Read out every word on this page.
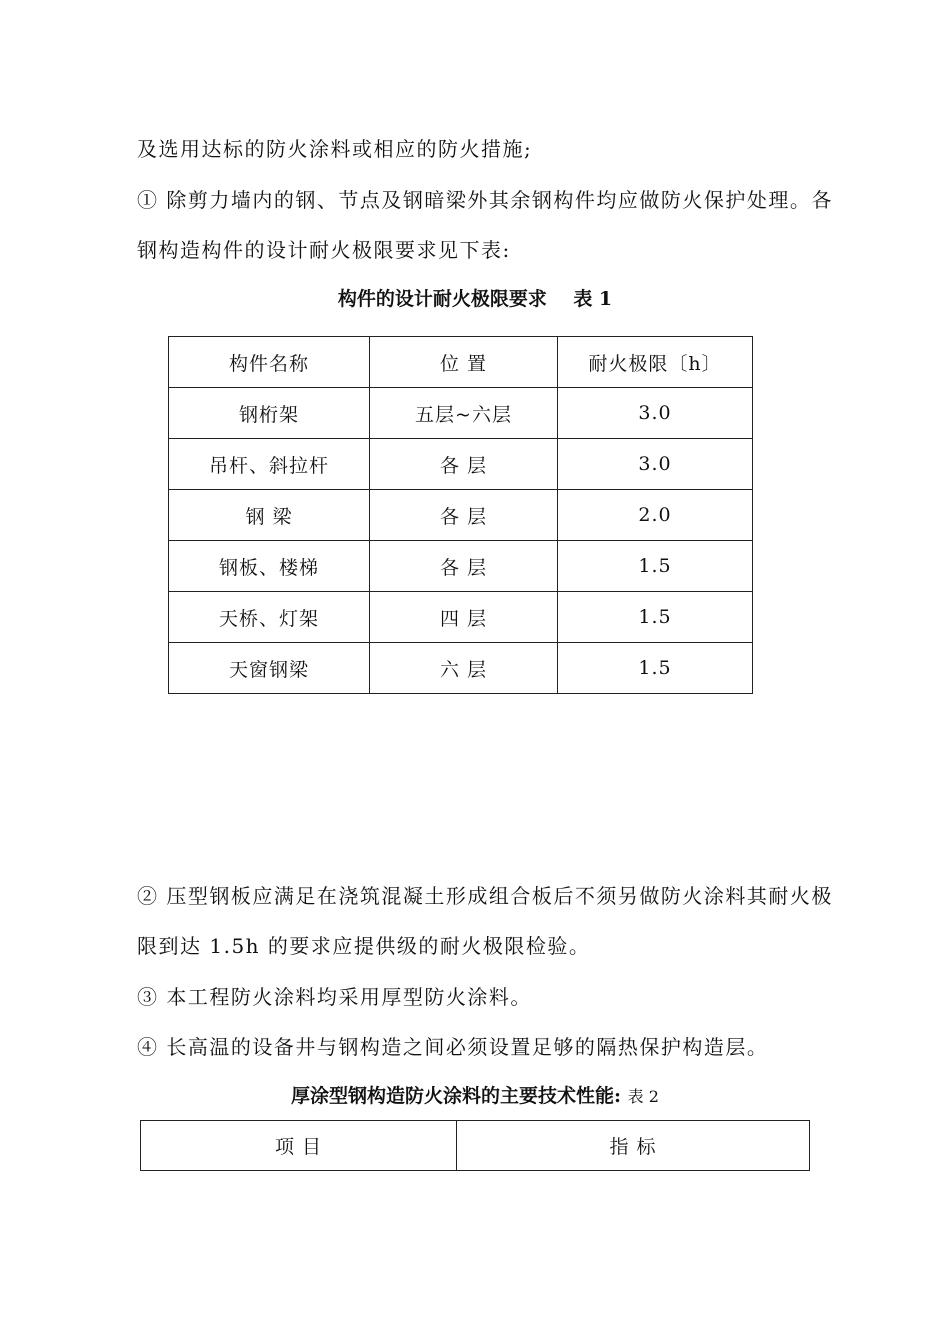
及选用达标的防火涂料或相应的防火措施;
① 除剪力墙内的钢、节点及钢暗梁外其余钢构件均应做防火保护处理。各
钢构造构件的设计耐火极限要求见下表:
构件的设计耐火极限要求 表 1
构件名称	位 置	耐火极限〔h〕
钢桁架	五层~六层	3.0
吊杆、斜拉杆	各 层	3.0
钢 梁	各 层	2.0
钢板、楼梯	各 层	1.5
天桥、灯架	四 层	1.5
天窗钢梁	六 层	1.5
② 压型钢板应满足在浇筑混凝土形成组合板后不须另做防火涂料其耐火极
限到达 1.5h 的要求应提供级的耐火极限检验。
③ 本工程防火涂料均采用厚型防火涂料。
④ 长高温的设备井与钢构造之间必须设置足够的隔热保护构造层。
厚涂型钢构造防火涂料的主要技术性能: 表 2
项 目	指 标
